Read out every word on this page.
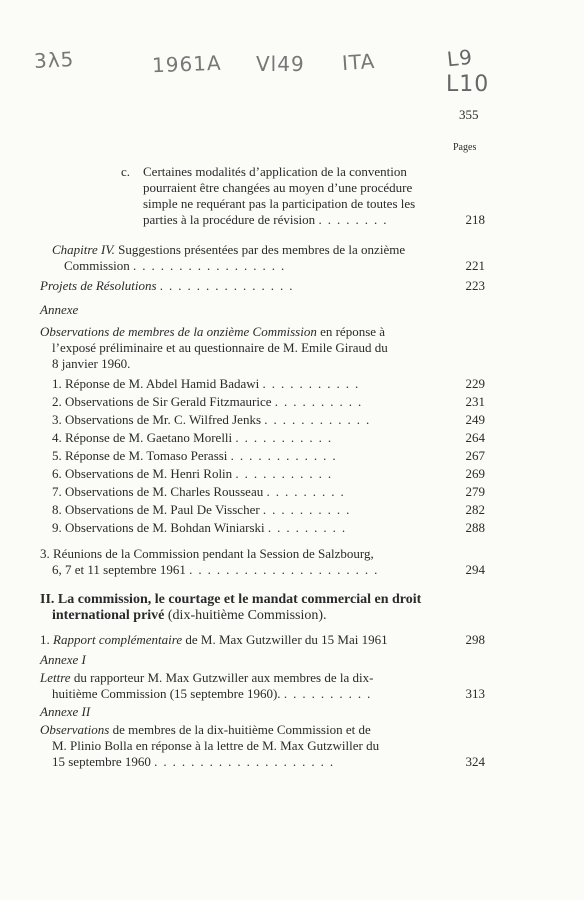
3λ5	1961A Vl49 ITA	L9
L10
355
Pages
c. Certaines modalités d’application de la convention
pourraient être changées au moyen d’une procédure
simple ne requérant pas la participation de toutes les
parties à la procédure de révision ........	218
Chapitre IV. Suggestions présentées par des membres de la onzième
Commission .................	221
Projets de Résolutions ...............	223
Annexe
Observations de membres de la onzième Commission en réponse à
l’exposé préliminaire et au questionnaire de M. Emile Giraud du
8 janvier 1960.
1. Réponse de M. Abdel Hamid Badawi ...........	229
2. Observations de Sir Gerald Fitzmaurice ..........	231
3. Observations de Mr. C. Wilfred Jenks ............	249
4. Réponse de M. Gaetano Morelli ...........	264
5. Réponse de M. Tomaso Perassi ............	267
6. Observations de M. Henri Rolin ...........	269
7. Observations de M. Charles Rousseau .........	279
8. Observations de M. Paul De Visscher ..........	282
9. Observations de M. Bohdan Winiarski .........	288
3. Réunions de la Commission pendant la Session de Salzbourg,
6, 7 et 11 septembre 1961 .....................	294
II. La commission, le courtage et le mandat commercial en droit
international privé (dix-huitième Commission).
1. Rapport complémentaire de M. Max Gutzwiller du 15 Mai 1961	298
Annexe I
Lettre du rapporteur M. Max Gutzwiller aux membres de la dix-
huitième Commission (15 septembre 1960). ..........	313
Annexe II
Observations de membres de la dix-huitième Commission et de
M. Plinio Bolla en réponse à la lettre de M. Max Gutzwiller du
15 septembre 1960 ....................	324
